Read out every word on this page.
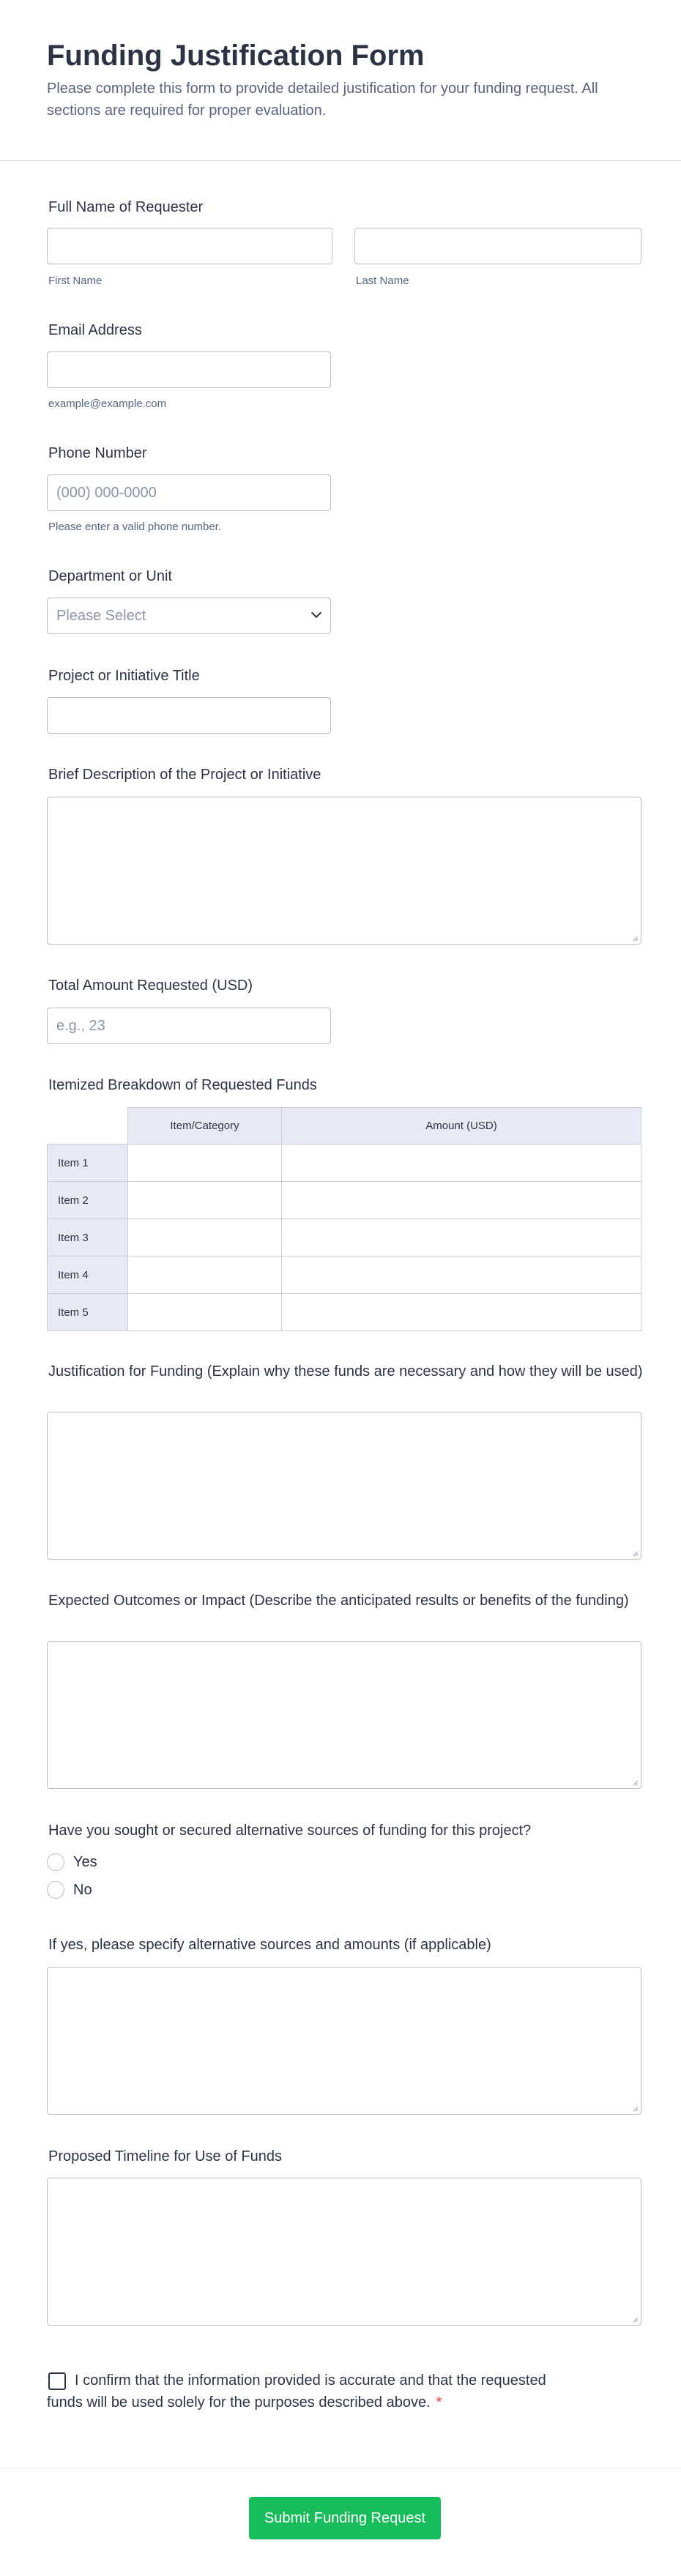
Funding Justification Form

Please complete this form to provide detailed justification for your funding request. All sections are required for proper evaluation.

Full Name of Requester
First Name	Last Name
Email Address
example@example.com
Phone Number
(000) 000-0000
Please enter a valid phone number.
Department or Unit
Please Select
Project or Initiative Title
Brief Description of the Project or Initiative
Total Amount Requested (USD)
e.g., 23
Itemized Breakdown of Requested Funds
	Item/Category	Amount (USD)
Item 1		
Item 2		
Item 3		
Item 4		
Item 5		
Justification for Funding (Explain why these funds are necessary and how they will be used)
Expected Outcomes or Impact (Describe the anticipated results or benefits of the funding)
Have you sought or secured alternative sources of funding for this project?
Yes
No
If yes, please specify alternative sources and amounts (if applicable)
Proposed Timeline for Use of Funds

I confirm that the information provided is accurate and that the requested funds will be used solely for the purposes described above. *

Submit Funding Request
